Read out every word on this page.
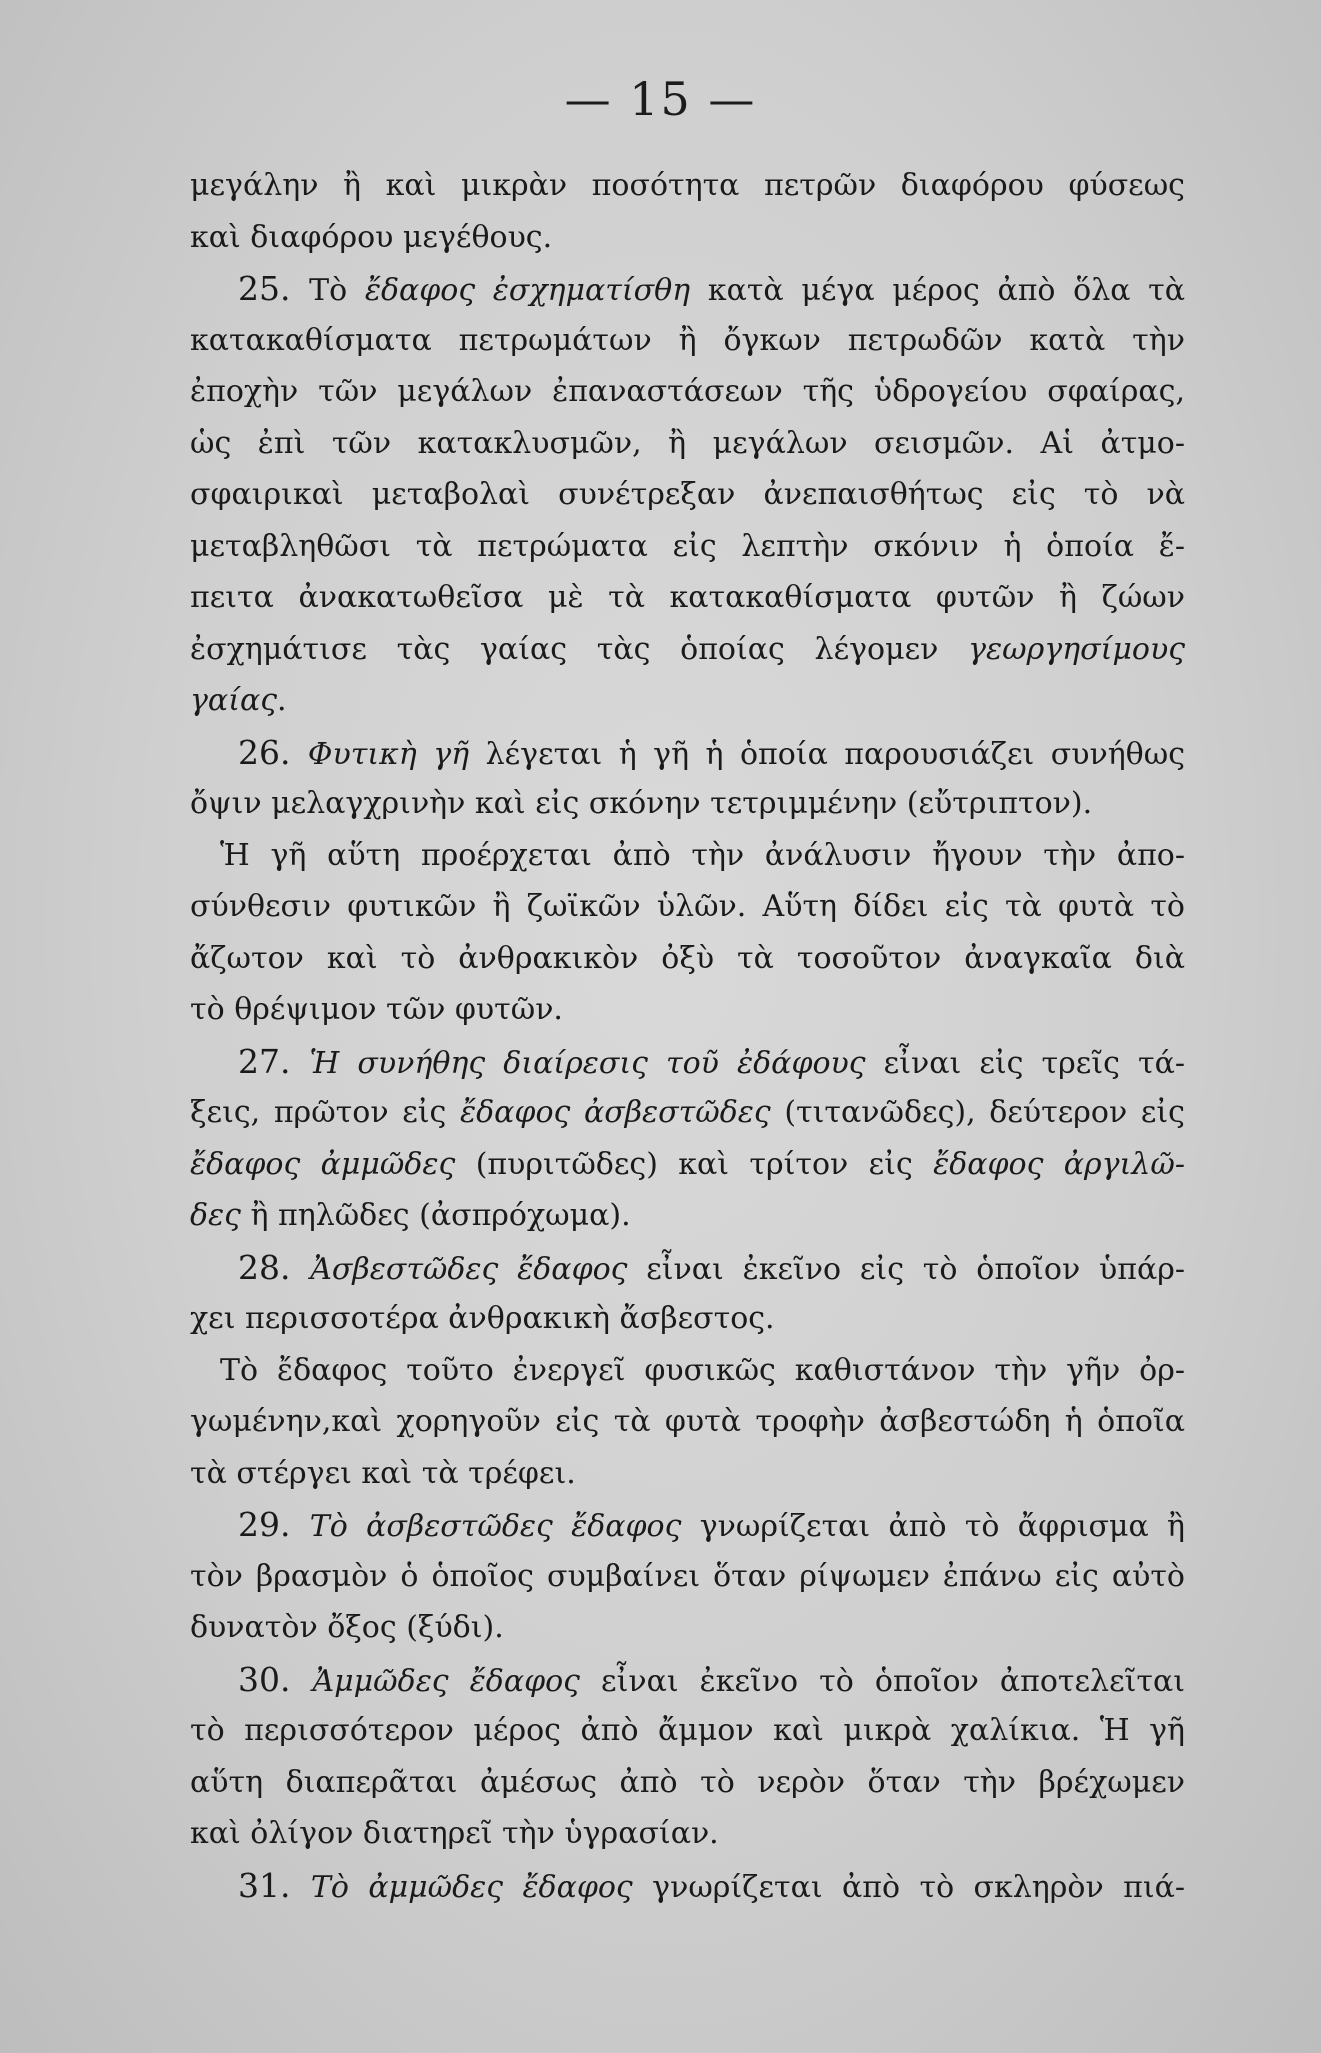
— 15 —
μεγάλην ἢ καὶ μικρὰν ποσότητα πετρῶν διαφόρου φύσεως
καὶ διαφόρου μεγέθους.
25. Τὸ ἔδαφος ἐσχηματίσθη κατὰ μέγα μέρος ἀπὸ ὅλα τὰ
κατακαθίσματα πετρωμάτων ἢ ὄγκων πετρωδῶν κατὰ τὴν
ἐποχὴν τῶν μεγάλων ἐπαναστάσεων τῆς ὑδρογείου σφαίρας,
ὡς ἐπὶ τῶν κατακλυσμῶν, ἢ μεγάλων σεισμῶν. Αἱ ἀτμο-
σφαιρικαὶ μεταβολαὶ συνέτρεξαν ἀνεπαισθήτως εἰς τὸ νὰ
μεταβληθῶσι τὰ πετρώματα εἰς λεπτὴν σκόνιν ἡ ὁποία ἔ-
πειτα ἀνακατωθεῖσα μὲ τὰ κατακαθίσματα φυτῶν ἢ ζώων
ἐσχημάτισε τὰς γαίας τὰς ὁποίας λέγομεν γεωργησίμους
γαίας.
26. Φυτικὴ γῆ λέγεται ἡ γῆ ἡ ὁποία παρουσιάζει συνήθως
ὄψιν μελαγχρινὴν καὶ εἰς σκόνην τετριμμένην (εὔτριπτον).
Ἡ γῆ αὕτη προέρχεται ἀπὸ τὴν ἀνάλυσιν ἤγουν τὴν ἀπο-
σύνθεσιν φυτικῶν ἢ ζωϊκῶν ὑλῶν. Αὕτη δίδει εἰς τὰ φυτὰ τὸ
ἄζωτον καὶ τὸ ἀνθρακικὸν ὀξὺ τὰ τοσοῦτον ἀναγκαῖα διὰ
τὸ θρέψιμον τῶν φυτῶν.
27. Ἡ συνήθης διαίρεσις τοῦ ἐδάφους εἶναι εἰς τρεῖς τά-
ξεις, πρῶτον εἰς ἔδαφος ἀσβεστῶδες (τιτανῶδες), δεύτερον εἰς
ἔδαφος ἀμμῶδες (πυριτῶδες) καὶ τρίτον εἰς ἔδαφος ἀργιλῶ-
δες ἢ πηλῶδες (ἀσπρόχωμα).
28. Ἀσβεστῶδες ἔδαφος εἶναι ἐκεῖνο εἰς τὸ ὁποῖον ὑπάρ-
χει περισσοτέρα ἀνθρακικὴ ἄσβεστος.
Τὸ ἔδαφος τοῦτο ἐνεργεῖ φυσικῶς καθιστάνον τὴν γῆν ὀρ-
γωμένην,καὶ χορηγοῦν εἰς τὰ φυτὰ τροφὴν ἀσβεστώδη ἡ ὁποῖα
τὰ στέργει καὶ τὰ τρέφει.
29. Τὸ ἀσβεστῶδες ἔδαφος γνωρίζεται ἀπὸ τὸ ἄφρισμα ἢ
τὸν βρασμὸν ὁ ὁποῖος συμβαίνει ὅταν ρίψωμεν ἐπάνω εἰς αὐτὸ
δυνατὸν ὄξος (ξύδι).
30. Ἀμμῶδες ἔδαφος εἶναι ἐκεῖνο τὸ ὁποῖον ἀποτελεῖται
τὸ περισσότερον μέρος ἀπὸ ἄμμον καὶ μικρὰ χαλίκια. Ἡ γῆ
αὕτη διαπερᾶται ἀμέσως ἀπὸ τὸ νερὸν ὅταν τὴν βρέχωμεν
καὶ ὀλίγον διατηρεῖ τὴν ὑγρασίαν.
31. Τὸ ἀμμῶδες ἔδαφος γνωρίζεται ἀπὸ τὸ σκληρὸν πιά-
